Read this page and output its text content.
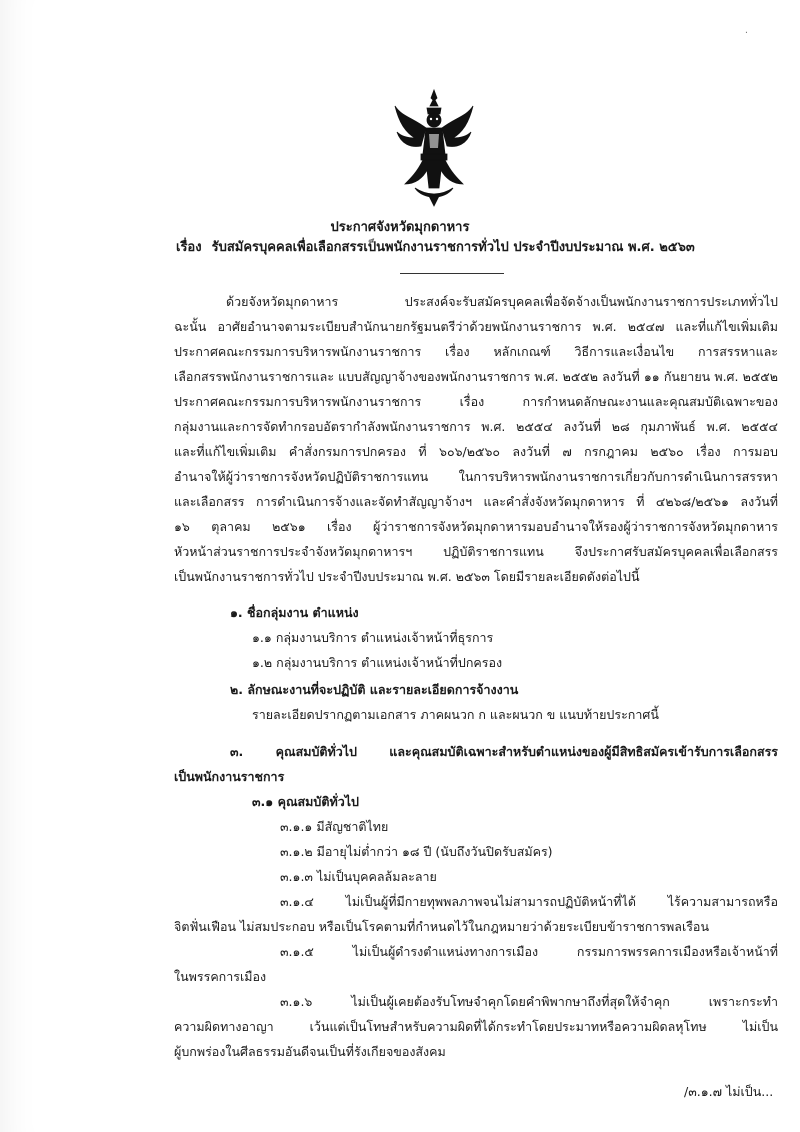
·
ประกาศจังหวัดมุกดาหาร
เรื่อง รับสมัครบุคคลเพื่อเลือกสรรเป็นพนักงานราชการทั่วไป ประจำปีงบประมาณ พ.ศ. ๒๕๖๓
ด้วยจังหวัดมุกดาหาร ประสงค์จะรับสมัครบุคคลเพื่อจัดจ้างเป็นพนักงานราชการประเภททั่วไป
ฉะนั้น อาศัยอำนาจตามระเบียบสำนักนายกรัฐมนตรีว่าด้วยพนักงานราชการ พ.ศ. ๒๕๔๗ และที่แก้ไขเพิ่มเติม
ประกาศคณะกรรมการบริหารพนักงานราชการ เรื่อง หลักเกณฑ์ วิธีการและเงื่อนไข การสรรหาและ
เลือกสรรพนักงานราชการและ แบบสัญญาจ้างของพนักงานราชการ พ.ศ. ๒๕๕๒ ลงวันที่ ๑๑ กันยายน พ.ศ. ๒๕๕๒
ประกาศคณะกรรมการบริหารพนักงานราชการ เรื่อง การกำหนดลักษณะงานและคุณสมบัติเฉพาะของ
กลุ่มงานและการจัดทำกรอบอัตรากำลังพนักงานราชการ พ.ศ. ๒๕๕๔ ลงวันที่ ๒๘ กุมภาพันธ์ พ.ศ. ๒๕๕๔
และที่แก้ไขเพิ่มเติม คำสั่งกรมการปกครอง ที่ ๖๐๖/๒๕๖๐ ลงวันที่ ๗ กรกฎาคม ๒๕๖๐ เรื่อง การมอบ
อำนาจให้ผู้ว่าราชการจังหวัดปฏิบัติราชการแทน ในการบริหารพนักงานราชการเกี่ยวกับการดำเนินการสรรหา
และเลือกสรร การดำเนินการจ้างและจัดทำสัญญาจ้างฯ และคำสั่งจังหวัดมุกดาหาร ที่ ๔๒๖๘/๒๕๖๑ ลงวันที่
๑๖ ตุลาคม ๒๕๖๑ เรื่อง ผู้ว่าราชการจังหวัดมุกดาหารมอบอำนาจให้รองผู้ว่าราชการจังหวัดมุกดาหาร
หัวหน้าส่วนราชการประจำจังหวัดมุกดาหารฯ ปฏิบัติราชการแทน จึงประกาศรับสมัครบุคคลเพื่อเลือกสรร
เป็นพนักงานราชการทั่วไป ประจำปีงบประมาณ พ.ศ. ๒๕๖๓ โดยมีรายละเอียดดังต่อไปนี้
๑. ชื่อกลุ่มงาน ตำแหน่ง
๑.๑ กลุ่มงานบริการ ตำแหน่งเจ้าหน้าที่ธุรการ
๑.๒ กลุ่มงานบริการ ตำแหน่งเจ้าหน้าที่ปกครอง
๒. ลักษณะงานที่จะปฏิบัติ และรายละเอียดการจ้างงาน
รายละเอียดปรากฏตามเอกสาร ภาคผนวก ก และผนวก ข แนบท้ายประกาศนี้
๓. คุณสมบัติทั่วไป และคุณสมบัติเฉพาะสำหรับตำแหน่งของผู้มีสิทธิสมัครเข้ารับการเลือกสรร
เป็นพนักงานราชการ
๓.๑ คุณสมบัติทั่วไป
๓.๑.๑ มีสัญชาติไทย
๓.๑.๒ มีอายุไม่ต่ำกว่า ๑๘ ปี (นับถึงวันปิดรับสมัคร)
๓.๑.๓ ไม่เป็นบุคคลล้มละลาย
๓.๑.๔ ไม่เป็นผู้ที่มีกายทุพพลภาพจนไม่สามารถปฏิบัติหน้าที่ได้ ไร้ความสามารถหรือ
จิตฟั่นเฟือน ไม่สมประกอบ หรือเป็นโรคตามที่กำหนดไว้ในกฎหมายว่าด้วยระเบียบข้าราชการพลเรือน
๓.๑.๕ ไม่เป็นผู้ดำรงตำแหน่งทางการเมือง กรรมการพรรคการเมืองหรือเจ้าหน้าที่
ในพรรคการเมือง
๓.๑.๖ ไม่เป็นผู้เคยต้องรับโทษจำคุกโดยคำพิพากษาถึงที่สุดให้จำคุก เพราะกระทำ
ความผิดทางอาญา เว้นแต่เป็นโทษสำหรับความผิดที่ได้กระทำโดยประมาทหรือความผิดลหุโทษ ไม่เป็น
ผู้บกพร่องในศีลธรรมอันดีจนเป็นที่รังเกียจของสังคม
/๓.๑.๗ ไม่เป็น...
